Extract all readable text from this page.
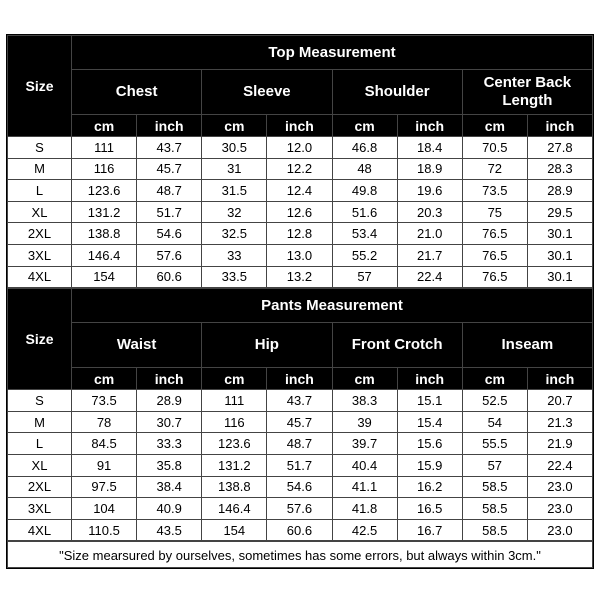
Size	Top Measurement							
	Chest		Sleeve		Shoulder		Center Back Length	
	cm	inch	cm	inch	cm	inch	cm	inch
S	111	43.7	30.5	12.0	46.8	18.4	70.5	27.8
M	116	45.7	31	12.2	48	18.9	72	28.3
L	123.6	48.7	31.5	12.4	49.8	19.6	73.5	28.9
XL	131.2	51.7	32	12.6	51.6	20.3	75	29.5
2XL	138.8	54.6	32.5	12.8	53.4	21.0	76.5	30.1
3XL	146.4	57.6	33	13.0	55.2	21.7	76.5	30.1
4XL	154	60.6	33.5	13.2	57	22.4	76.5	30.1
Size	Pants Measurement							
	Waist		Hip		Front Crotch		Inseam	
	cm	inch	cm	inch	cm	inch	cm	inch
S	73.5	28.9	111	43.7	38.3	15.1	52.5	20.7
M	78	30.7	116	45.7	39	15.4	54	21.3
L	84.5	33.3	123.6	48.7	39.7	15.6	55.5	21.9
XL	91	35.8	131.2	51.7	40.4	15.9	57	22.4
2XL	97.5	38.4	138.8	54.6	41.1	16.2	58.5	23.0
3XL	104	40.9	146.4	57.6	41.8	16.5	58.5	23.0
4XL	110.5	43.5	154	60.6	42.5	16.7	58.5	23.0
"Size mearsured by ourselves, sometimes has some errors, but always within 3cm."
